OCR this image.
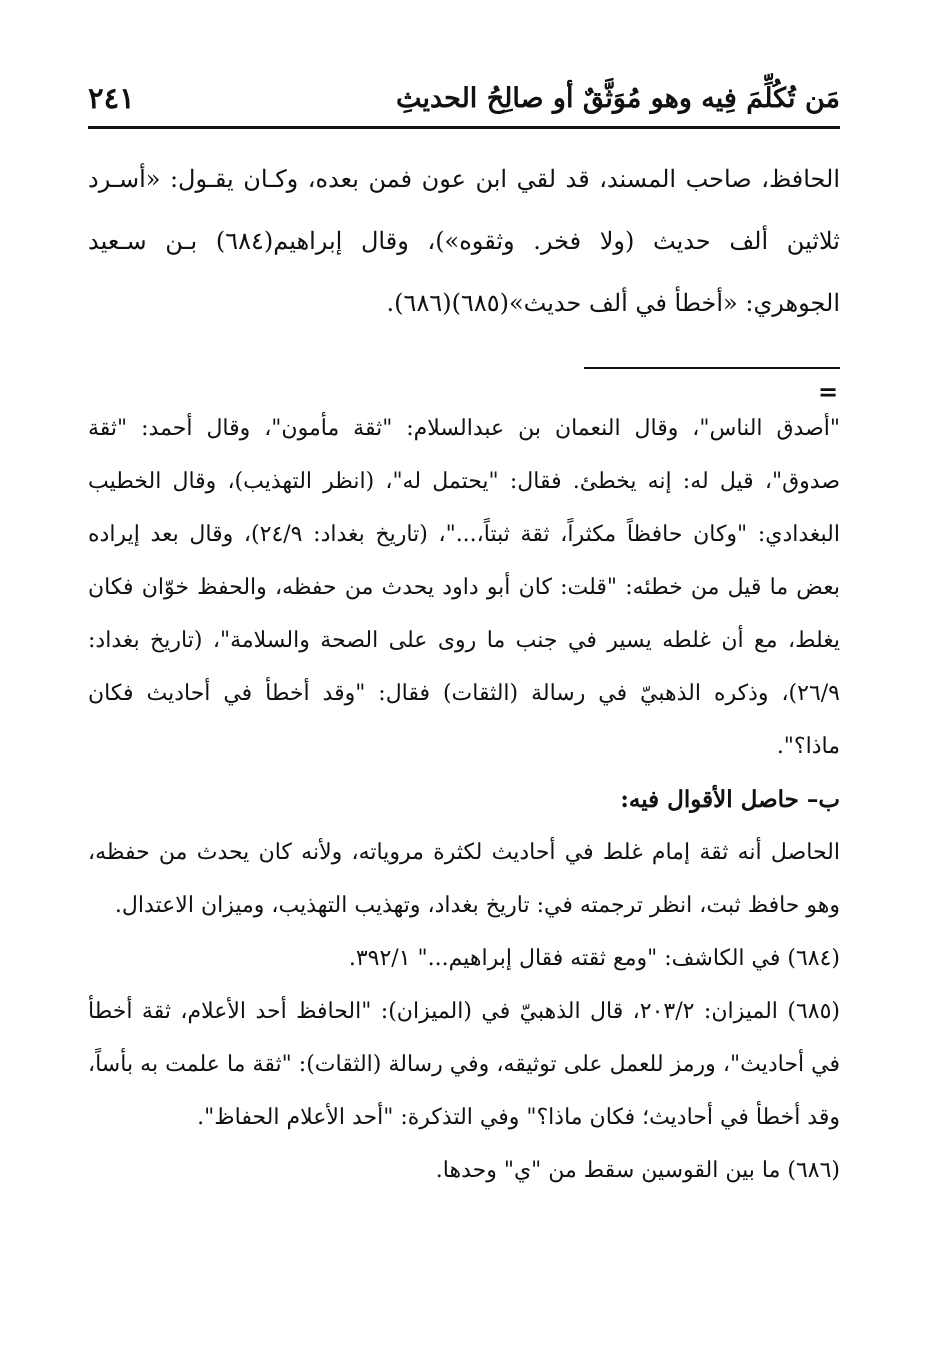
مَن تُكُلِّمَ فِيه وهو مُوَثَّقٌ أو صالِحُ الحديثِ
٢٤١

الحافظ، صاحب المسند، قد لقي ابن عون فمن بعده، وكـان يقـول: «أسـرد ثلاثين ألف حديث (ولا فخر. وثقوه»)، وقال إبراهيم(٦٨٤) بـن سـعيد الجوهري: «أخطأ في ألف حديث»(٦٨٥)(٦٨٦).

=

"أصدق الناس"، وقال النعمان بن عبدالسلام: "ثقة مأمون"، وقال أحمد: "ثقة صدوق"، قيل له: إنه يخطئ. فقال: "يحتمل له"، (انظر التهذيب)، وقال الخطيب البغدادي: "وكان حافظاً مكثراً، ثقة ثبتاً،..."، (تاريخ بغداد: ٢٤/٩)، وقال بعد إيراده بعض ما قيل من خطئه: "قلت: كان أبو داود يحدث من حفظه، والحفظ خوّان فكان يغلط، مع أن غلطه يسير في جنب ما روى على الصحة والسلامة"، (تاريخ بغداد: ٢٦/٩)، وذكره الذهبيّ في رسالة (الثقات) فقال: "وقد أخطأ في أحاديث فكان ماذا؟".

ب– حاصل الأقوال فيه:

الحاصل أنه ثقة إمام غلط في أحاديث لكثرة مروياته، ولأنه كان يحدث من حفظه، وهو حافظ ثبت، انظر ترجمته في: تاريخ بغداد، وتهذيب التهذيب، وميزان الاعتدال.

(٦٨٤) في الكاشف: "ومع ثقته فقال إبراهيم..." ٣٩٢/١.

(٦٨٥) الميزان: ٢٠٣/٢، قال الذهبيّ في (الميزان): "الحافظ أحد الأعلام، ثقة أخطأ في أحاديث"، ورمز للعمل على توثيقه، وفي رسالة (الثقات): "ثقة ما علمت به بأساً، وقد أخطأ في أحاديث؛ فكان ماذا؟" وفي التذكرة: "أحد الأعلام الحفاظ".

(٦٨٦) ما بين القوسين سقط من "ي" وحدها.
